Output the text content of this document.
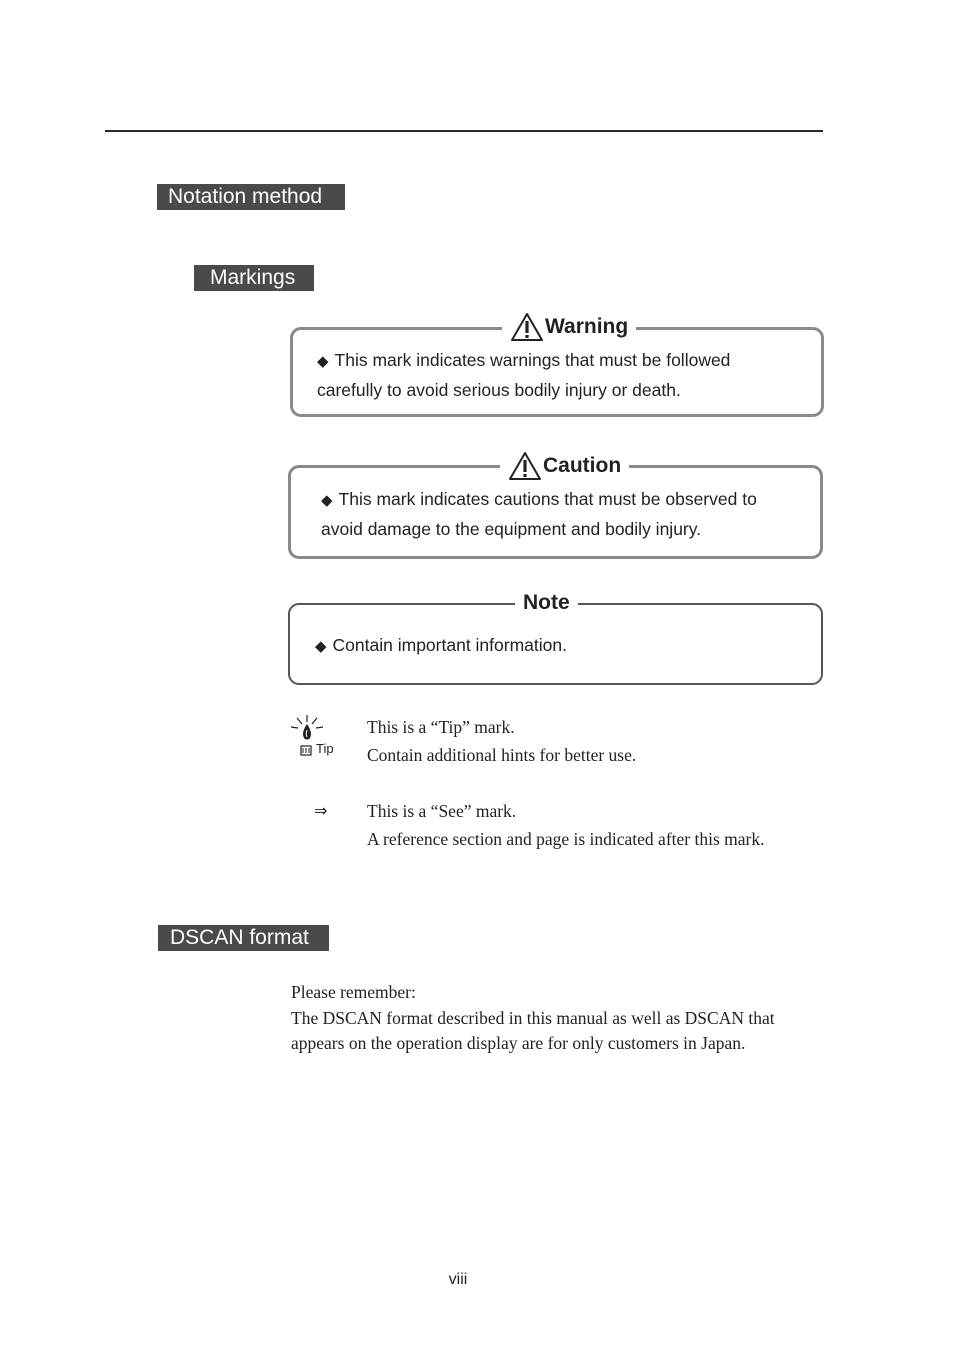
Notation method
Markings
Warning
◆ This mark indicates warnings that must be followed
carefully to avoid serious bodily injury or death.
Caution
◆ This mark indicates cautions that must be observed to
avoid damage to the equipment and bodily injury.
Note
◆ Contain important information.
Tip
This is a “Tip” mark.
Contain additional hints for better use.
⇒ This is a “See” mark.
A reference section and page is indicated after this mark.
DSCAN format

Please remember:

The DSCAN format described in this manual as well as DSCAN that

appears on the operation display are for only customers in Japan.

viii
